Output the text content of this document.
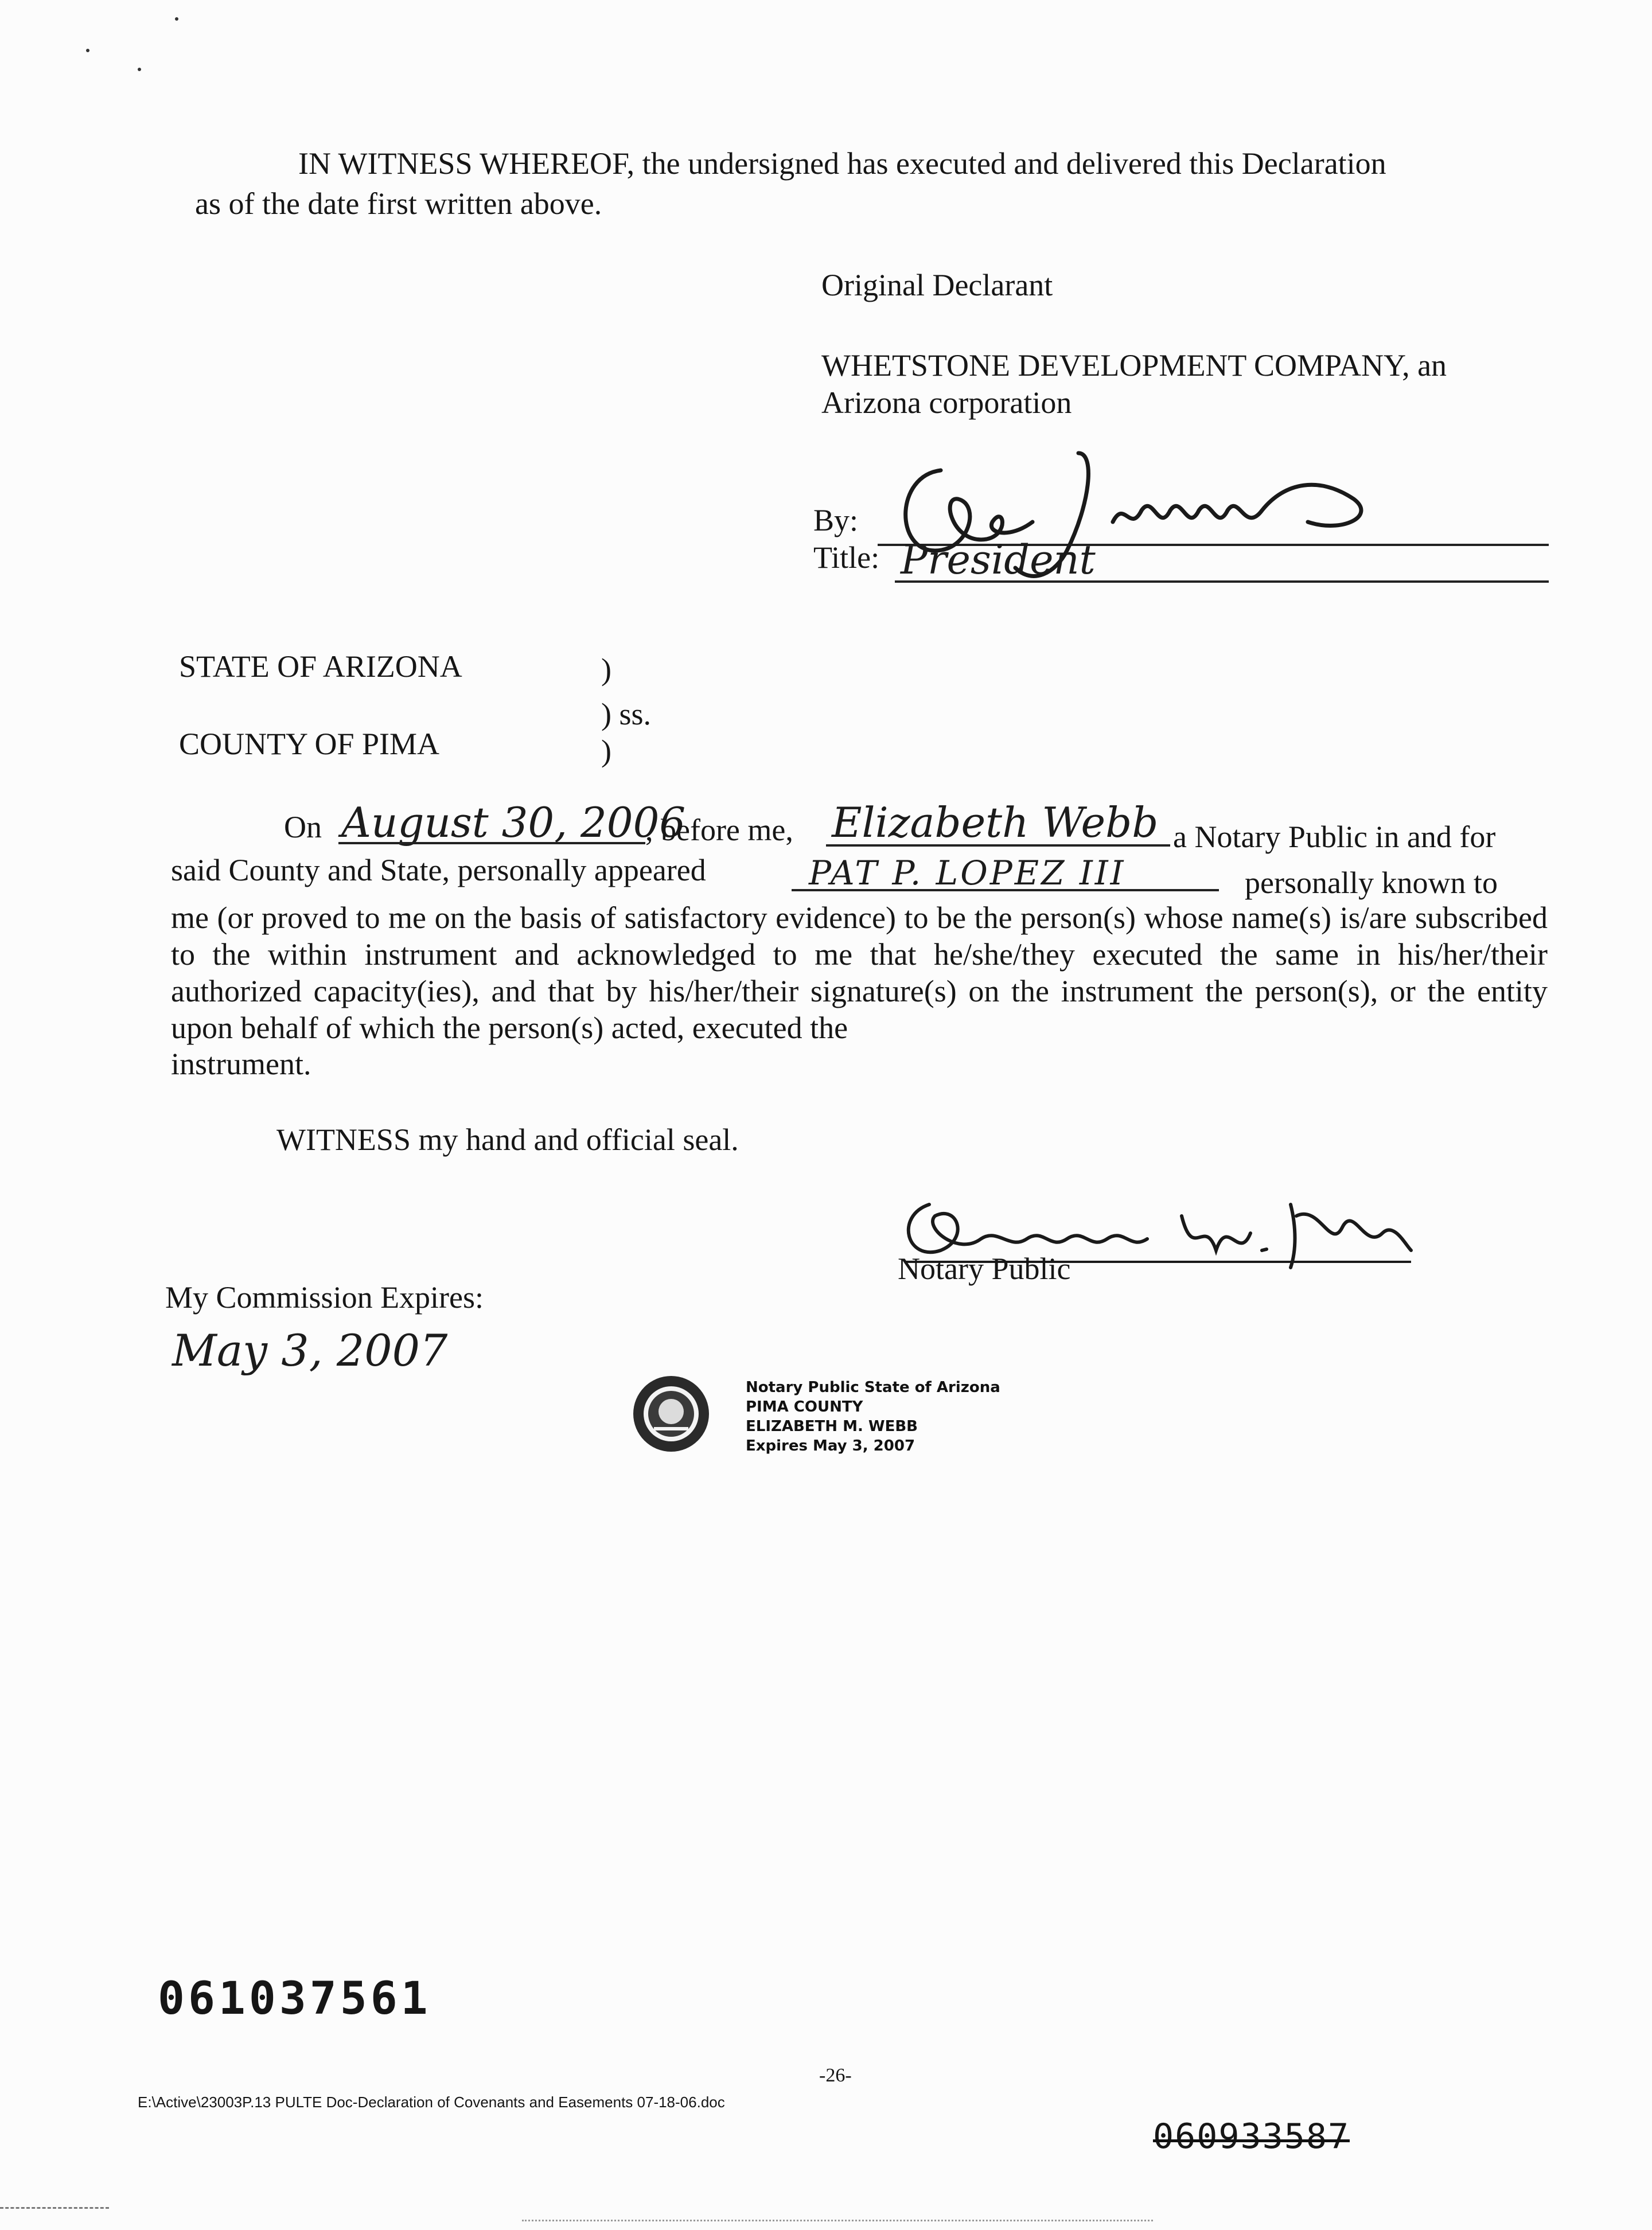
IN WITNESS WHEREOF, the undersigned has executed and delivered this Declaration
as of the date first written above.
Original Declarant
WHETSTONE DEVELOPMENT COMPANY, an
Arizona corporation
By:
Title: President
STATE OF ARIZONA	)
) ss.
COUNTY OF PIMA	)
On August 30, 2006
, before me, Elizabeth Webb a Notary Public in and for
said County and State, personally appeared	PAT P. LOPEZ III	personally known to
me (or proved to me on the basis of satisfactory evidence) to be the person(s) whose name(s) is/are subscribed to the within instrument and acknowledged to me that he/she/they executed the same in his/her/their authorized capacity(ies), and that by his/her/their signature(s) on the instrument the person(s), or the entity upon behalf of which the person(s) acted, executed the
instrument.
WITNESS my hand and official seal.
Notary Public
My Commission Expires:
May 3, 2007
Notary Public State of Arizona
PIMA COUNTY
ELIZABETH M. WEBB
Expires May 3, 2007
061037561
-26-
E:\Active\23003P.13 PULTE Doc-Declaration of Covenants and Easements 07-18-06.doc
060933587
